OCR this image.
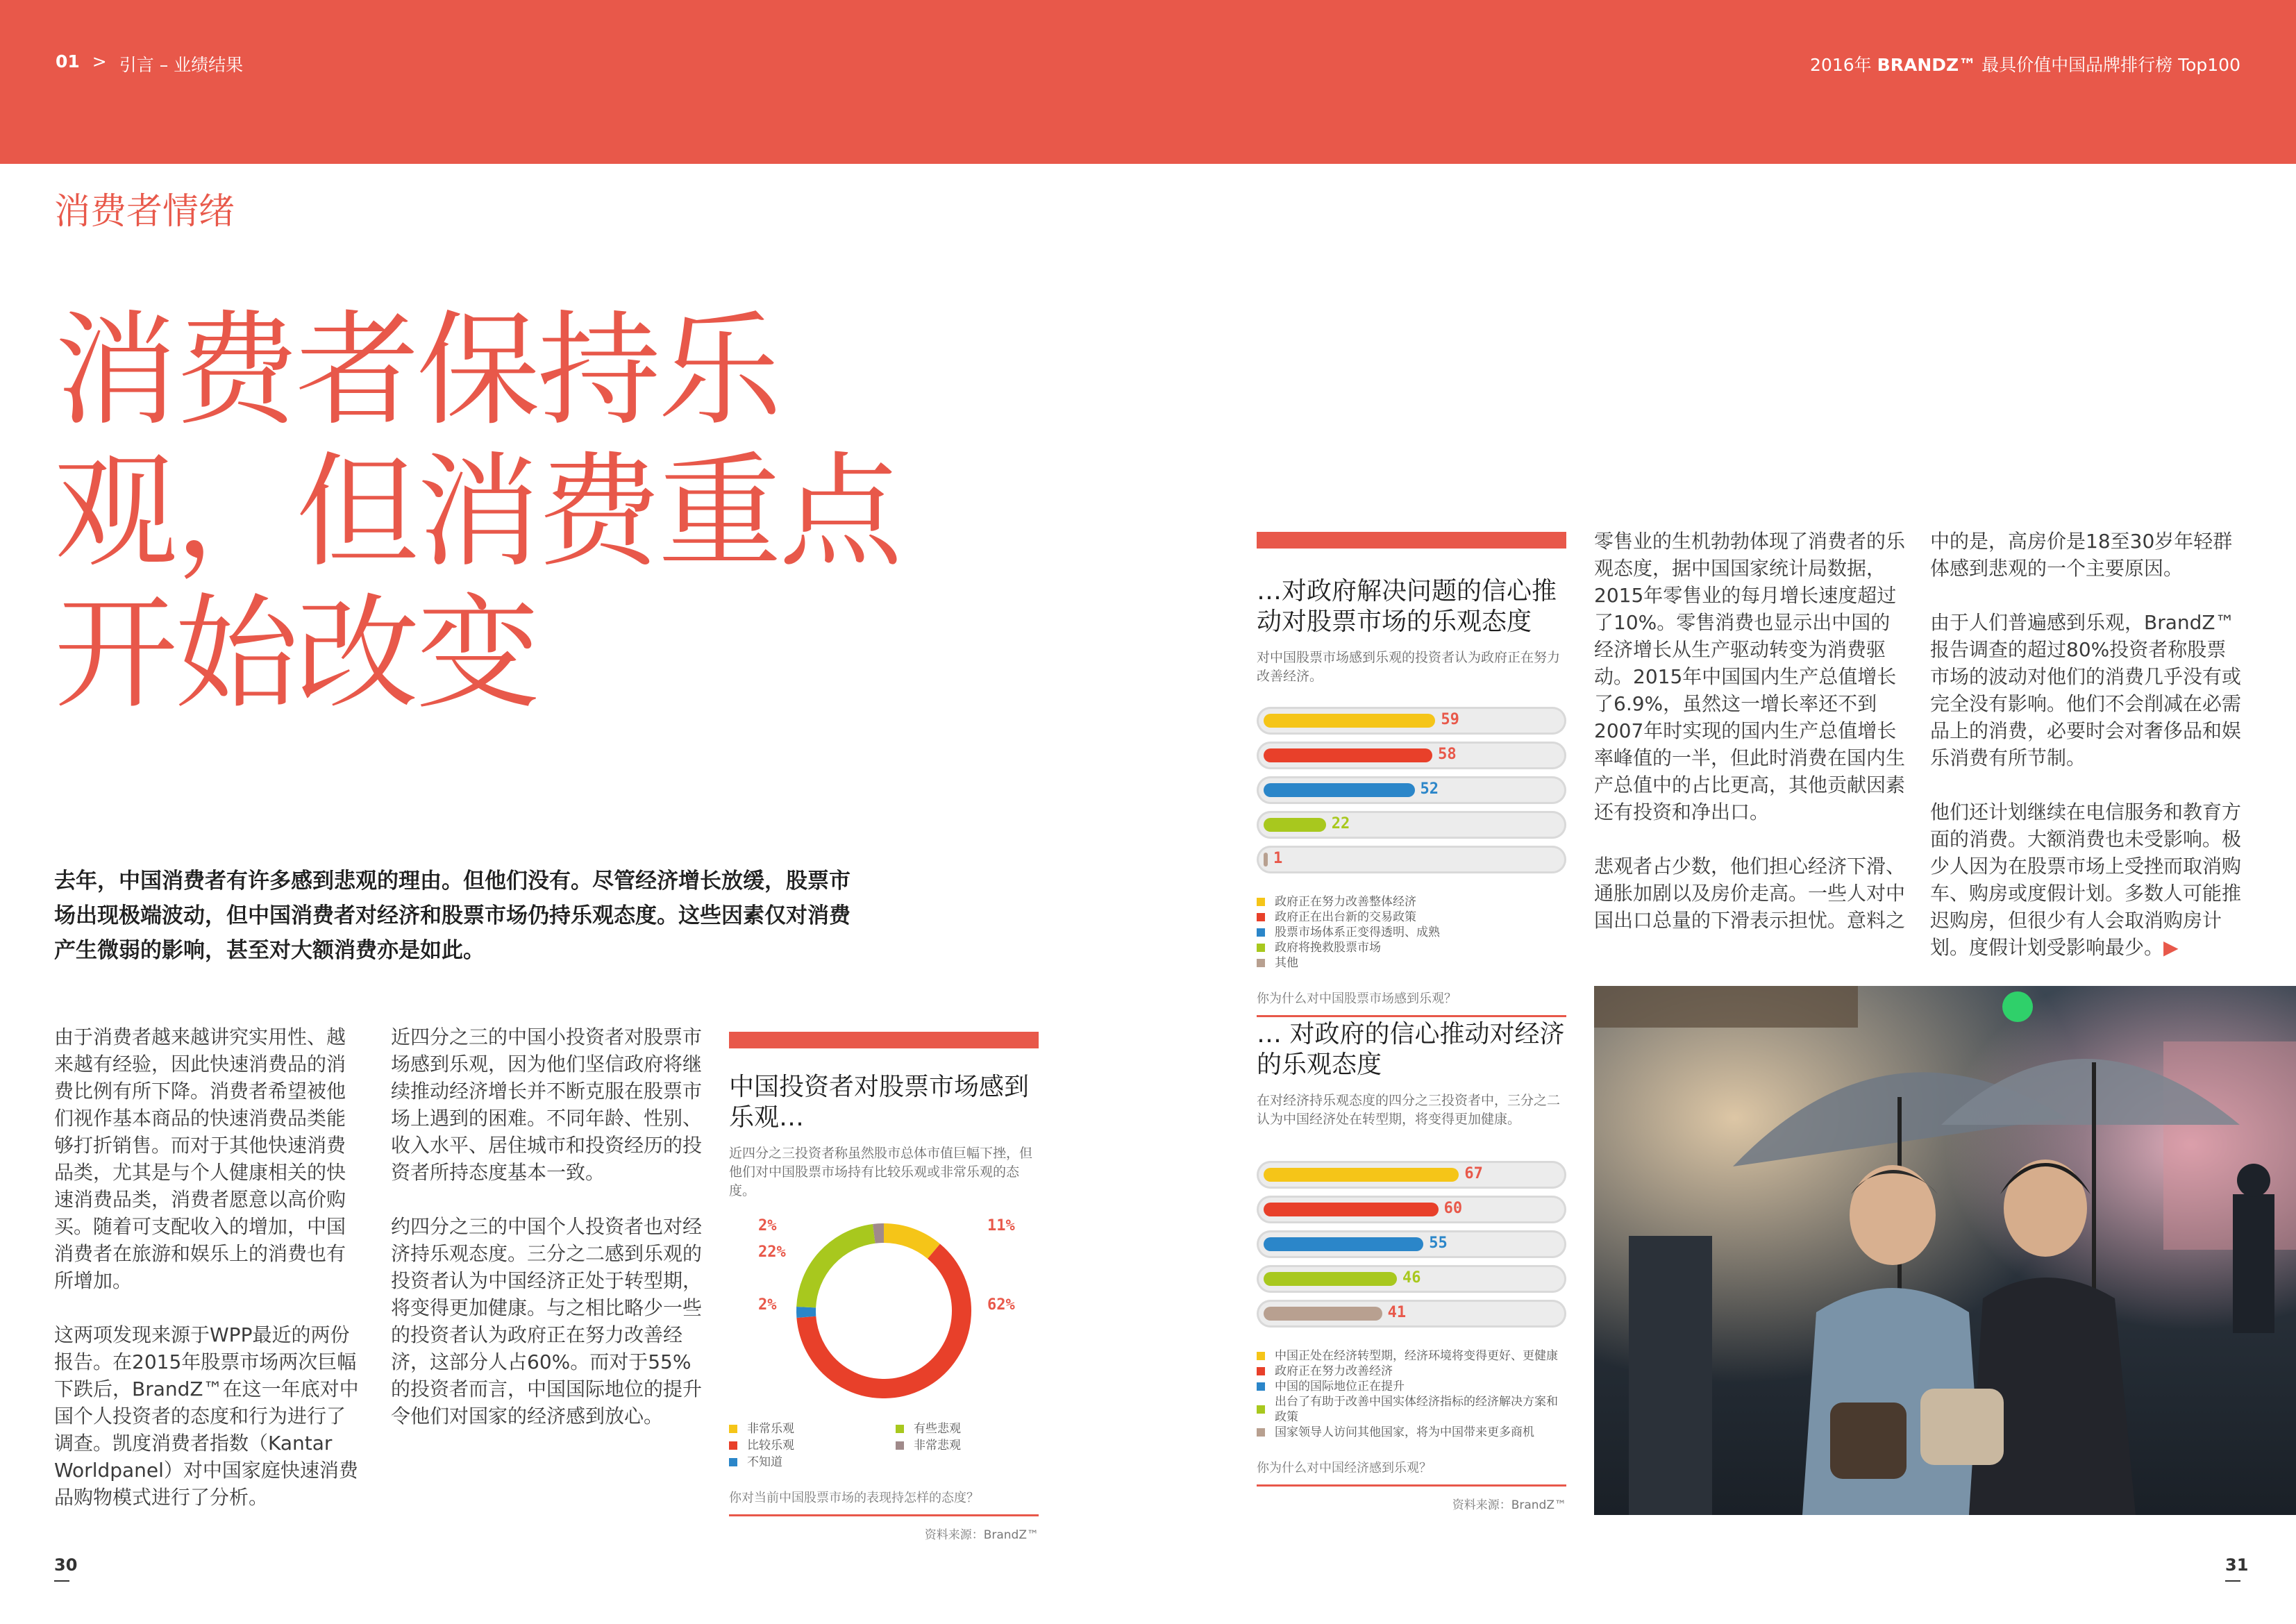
01 > 引言 – 业绩结果	2016年 BRANDZ™ 最具价值中国品牌排行榜 Top100
消费者情绪
消费者保持乐
观，但消费重点
开始改变
去年，中国消费者有许多感到悲观的理由。但他们没有。尽管经济增长放缓，股票市场出现极端波动，但中国消费者对经济和股票市场仍持乐观态度。这些因素仅对消费产生微弱的影响，甚至对大额消费亦是如此。

由于消费者越来越讲究实用性、越来越有经验，因此快速消费品的消费比例有所下降。消费者希望被他们视作基本商品的快速消费品类能够打折销售。而对于其他快速消费品类，尤其是与个人健康相关的快速消费品类，消费者愿意以高价购买。随着可支配收入的增加，中国消费者在旅游和娱乐上的消费也有所增加。

这两项发现来源于WPP最近的两份报告。在2015年股票市场两次巨幅下跌后，BrandZ™在这一年底对中国个人投资者的态度和行为进行了调查。凯度消费者指数（Kantar Worldpanel）对中国家庭快速消费品购物模式进行了分析。

近四分之三的中国小投资者对股票市场感到乐观，因为他们坚信政府将继续推动经济增长并不断克服在股票市场上遇到的困难。不同年龄、性别、收入水平、居住城市和投资经历的投资者所持态度基本一致。

约四分之三的中国个人投资者也对经济持乐观态度。三分之二感到乐观的投资者认为中国经济正处于转型期，将变得更加健康。与之相比略少一些的投资者认为政府正在努力改善经济，这部分人占60%。而对于55%的投资者而言，中国国际地位的提升令他们对国家的经济感到放心。

中国投资者对股票市场感到乐观…
近四分之三投资者称虽然股市总体市值巨幅下挫，但他们对中国股票市场持有比较乐观或非常乐观的态度。
2%
22%
2%
11%
62%
非常乐观	有些悲观
比较乐观	非常悲观
不知道
你对当前中国股票市场的表现持怎样的态度？
资料来源：BrandZ™
…对政府解决问题的信心推动对股票市场的乐观态度
对中国股票市场感到乐观的投资者认为政府正在努力改善经济。
59
58
52
22
1
政府正在努力改善整体经济
政府正在出台新的交易政策
股票市场体系正变得透明、成熟
政府将挽救股票市场
其他
你为什么对中国股票市场感到乐观？
… 对政府的信心推动对经济的乐观态度
在对经济持乐观态度的四分之三投资者中，三分之二认为中国经济处在转型期，将变得更加健康。
67
60
55
46
41
中国正处在经济转型期，经济环境将变得更好、更健康
政府正在努力改善经济
中国的国际地位正在提升
出台了有助于改善中国实体经济指标的经济解决方案和政策
国家领导人访问其他国家，将为中国带来更多商机
你为什么对中国经济感到乐观？
资料来源：BrandZ™

零售业的生机勃勃体现了消费者的乐观态度，据中国国家统计局数据，2015年零售业的每月增长速度超过了10%。零售消费也显示出中国的经济增长从生产驱动转变为消费驱动。2015年中国国内生产总值增长了6.9%，虽然这一增长率还不到2007年时实现的国内生产总值增长率峰值的一半，但此时消费在国内生产总值中的占比更高，其他贡献因素还有投资和净出口。

悲观者占少数，他们担心经济下滑、通胀加剧以及房价走高。一些人对中国出口总量的下滑表示担忧。意料之

中的是，高房价是18至30岁年轻群体感到悲观的一个主要原因。

由于人们普遍感到乐观，BrandZ™报告调查的超过80%投资者称股票市场的波动对他们的消费几乎没有或完全没有影响。他们不会削减在必需品上的消费，必要时会对奢侈品和娱乐消费有所节制。

他们还计划继续在电信服务和教育方面的消费。大额消费也未受影响。极少人因为在股票市场上受挫而取消购车、购房或度假计划。多数人可能推迟购房，但很少有人会取消购房计划。度假计划受影响最少。▶

30	31
